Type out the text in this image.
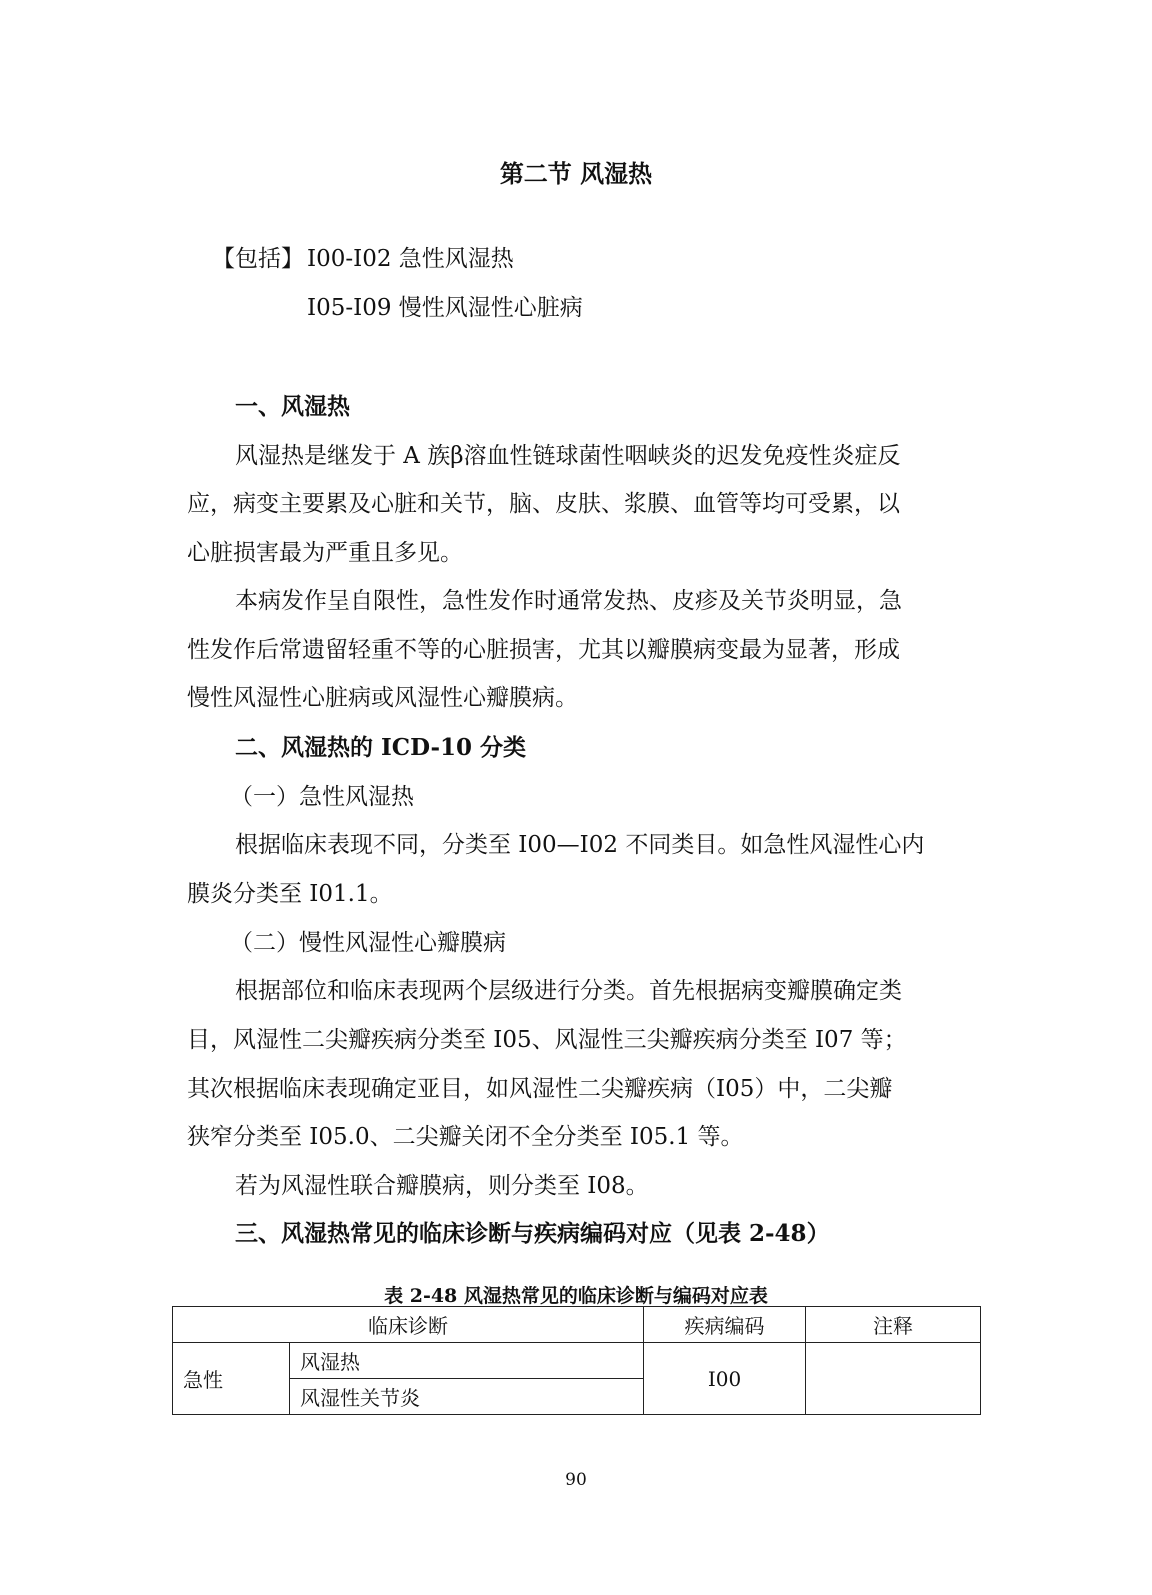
第二节 风湿热
【包括】 I00-I02 急性风湿热
I05-I09 慢性风湿性心脏病
一、风湿热
风湿热是继发于 A 族β溶血性链球菌性咽峡炎的迟发免疫性炎症反
应，病变主要累及心脏和关节，脑、皮肤、浆膜、血管等均可受累，以
心脏损害最为严重且多见。
本病发作呈自限性，急性发作时通常发热、皮疹及关节炎明显，急
性发作后常遗留轻重不等的心脏损害，尤其以瓣膜病变最为显著，形成
慢性风湿性心脏病或风湿性心瓣膜病。
二、风湿热的 ICD-10 分类
（一）急性风湿热
根据临床表现不同，分类至 I00—I02 不同类目。如急性风湿性心内
膜炎分类至 I01.1。
（二）慢性风湿性心瓣膜病
根据部位和临床表现两个层级进行分类。首先根据病变瓣膜确定类
目，风湿性二尖瓣疾病分类至 I05、风湿性三尖瓣疾病分类至 I07 等；
其次根据临床表现确定亚目，如风湿性二尖瓣疾病（I05）中，二尖瓣
狭窄分类至 I05.0、二尖瓣关闭不全分类至 I05.1 等。
若为风湿性联合瓣膜病，则分类至 I08。
三、风湿热常见的临床诊断与疾病编码对应（见表 2-48）
表 2-48 风湿热常见的临床诊断与编码对应表
临床诊断		疾病编码	注释
急性	风湿热	I00	
	风湿性关节炎		
90
